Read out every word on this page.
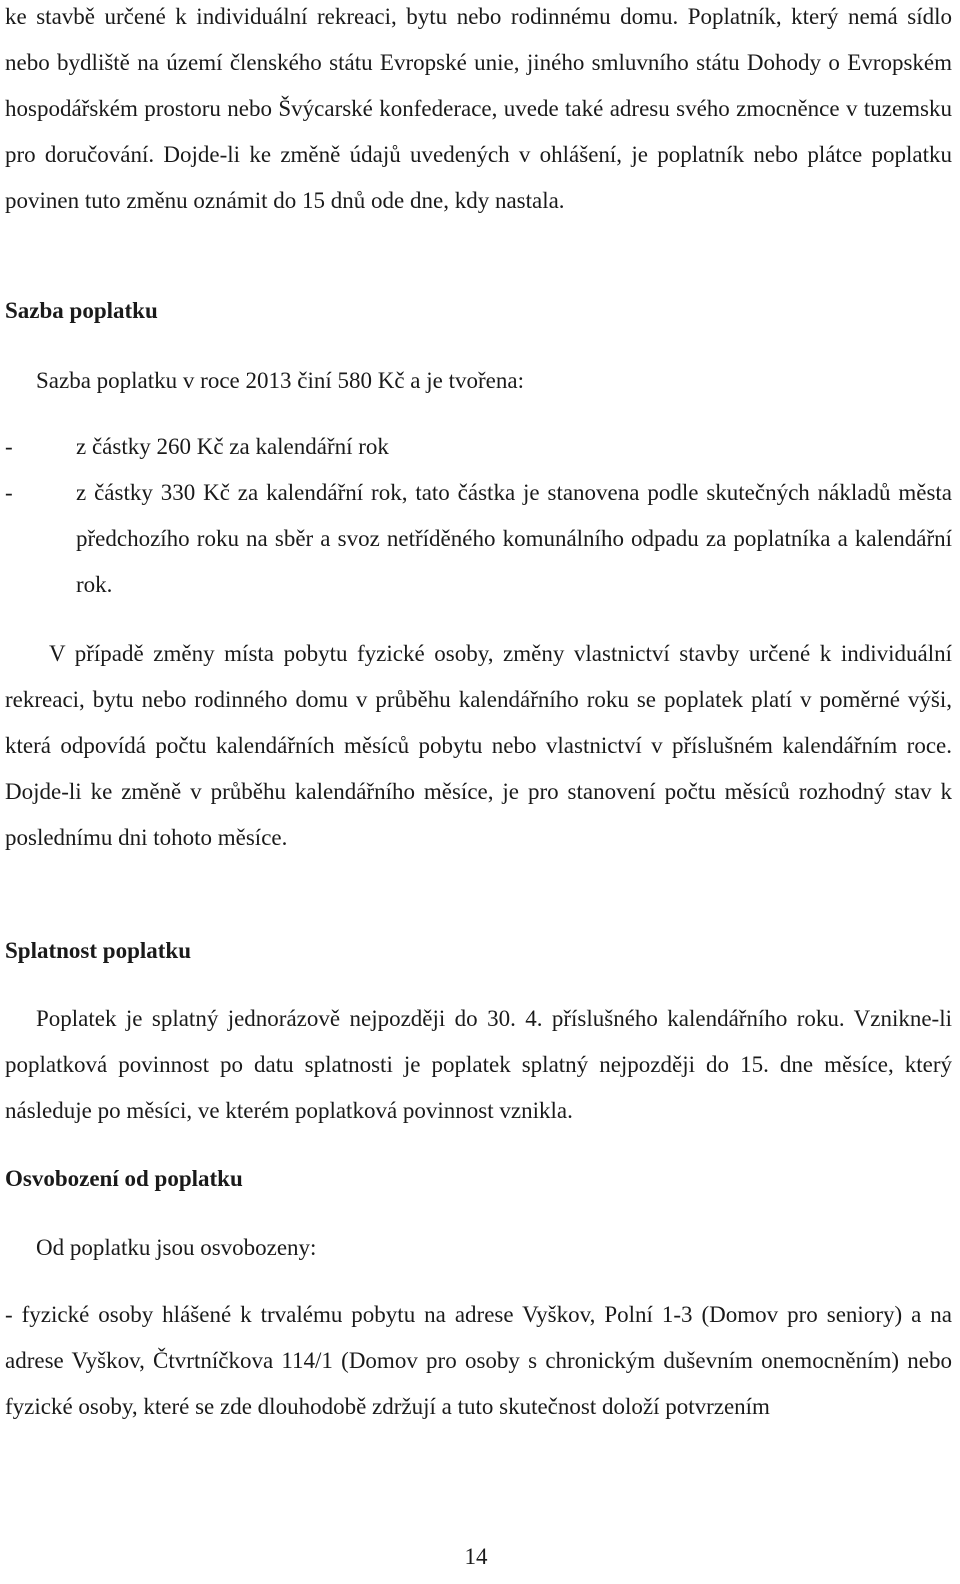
ke stavbě určené k individuální rekreaci, bytu nebo rodinnému domu. Poplatník, který nemá sídlo nebo bydliště na území členského státu Evropské unie, jiného smluvního státu Dohody o Evropském hospodářském prostoru nebo Švýcarské konfederace, uvede také adresu svého zmocněnce v tuzemsku pro doručování. Dojde-li ke změně údajů uvedených v ohlášení, je poplatník nebo plátce poplatku povinen tuto změnu oznámit do 15 dnů ode dne, kdy nastala.

Sazba poplatku

Sazba poplatku v roce 2013 činí 580 Kč a je tvořena:

-	z částky 260 Kč za kalendářní rok
-	z částky 330 Kč za kalendářní rok, tato částka je stanovena podle skutečných nákladů města předchozího roku na sběr a svoz netříděného komunálního odpadu za poplatníka a kalendářní rok.

V případě změny místa pobytu fyzické osoby, změny vlastnictví stavby určené k individuální rekreaci, bytu nebo rodinného domu v průběhu kalendářního roku se poplatek platí v poměrné výši, která odpovídá počtu kalendářních měsíců pobytu nebo vlastnictví v příslušném kalendářním roce. Dojde-li ke změně v průběhu kalendářního měsíce, je pro stanovení počtu měsíců rozhodný stav k poslednímu dni tohoto měsíce.

Splatnost poplatku

Poplatek je splatný jednorázově nejpozději do 30. 4. příslušného kalendářního roku. Vznikne-li poplatková povinnost po datu splatnosti je poplatek splatný nejpozději do 15. dne měsíce, který následuje po měsíci, ve kterém poplatková povinnost vznikla.

Osvobození od poplatku

Od poplatku jsou osvobozeny:

- fyzické osoby hlášené k trvalému pobytu na adrese Vyškov, Polní 1-3 (Domov pro seniory) a na adrese Vyškov, Čtvrtníčkova 114/1 (Domov pro osoby s chronickým duševním onemocněním) nebo fyzické osoby, které se zde dlouhodobě zdržují a tuto skutečnost doloží potvrzením

14
